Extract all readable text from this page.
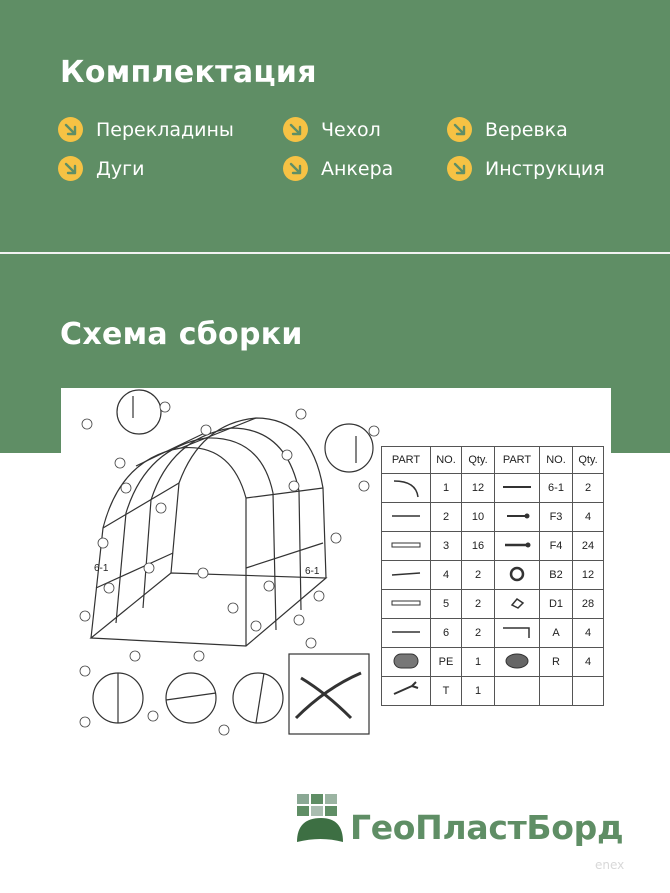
Комплектация
Перекладины	Чехол	Веревка
Дуги	Анкера	Инструкция
Схема сборки
6-1	6-1
PART	NO.	Qty.	PART	NO.	Qty.
	1	12		6-1	2
	2	10		F3	4
	3	16		F4	24
	4	2		B2	12
	5	2		D1	28
	6	2		A	4
	PE	1		R	4
	T	1			
ГеоПластБорд
enex
